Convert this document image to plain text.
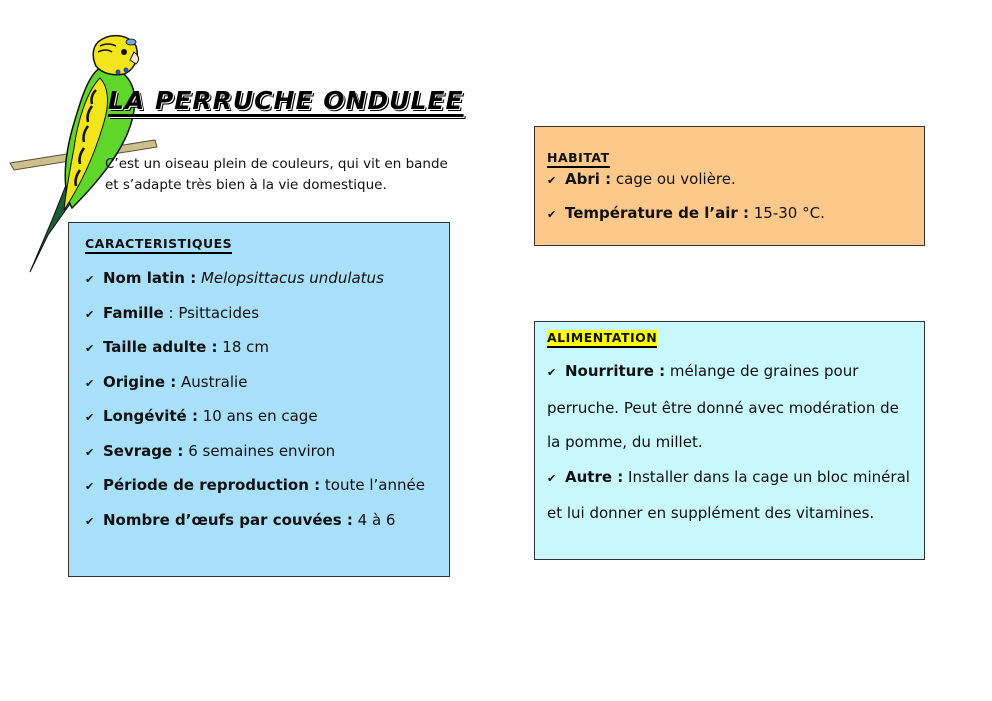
LA PERRUCHE ONDULEE

C’est un oiseau plein de couleurs, qui vit en bande et s’adapte très bien à la vie domestique.

CARACTERISTIQUES
✔ Nom latin : Melopsittacus undulatus
✔ Famille : Psittacides
✔ Taille adulte : 18 cm
✔ Origine : Australie
✔ Longévité : 10 ans en cage
✔ Sevrage : 6 semaines environ
✔ Période de reproduction : toute l’année
✔ Nombre d’œufs par couvées : 4 à 6
HABITAT
✔ Abri : cage ou volière.
✔ Température de l’air : 15-30 °C.
ALIMENTATION

✔ Nourriture : mélange de graines pour perruche. Peut être donné avec modération de la pomme, du millet.

✔ Autre : Installer dans la cage un bloc minéral et lui donner en supplément des vitamines.
